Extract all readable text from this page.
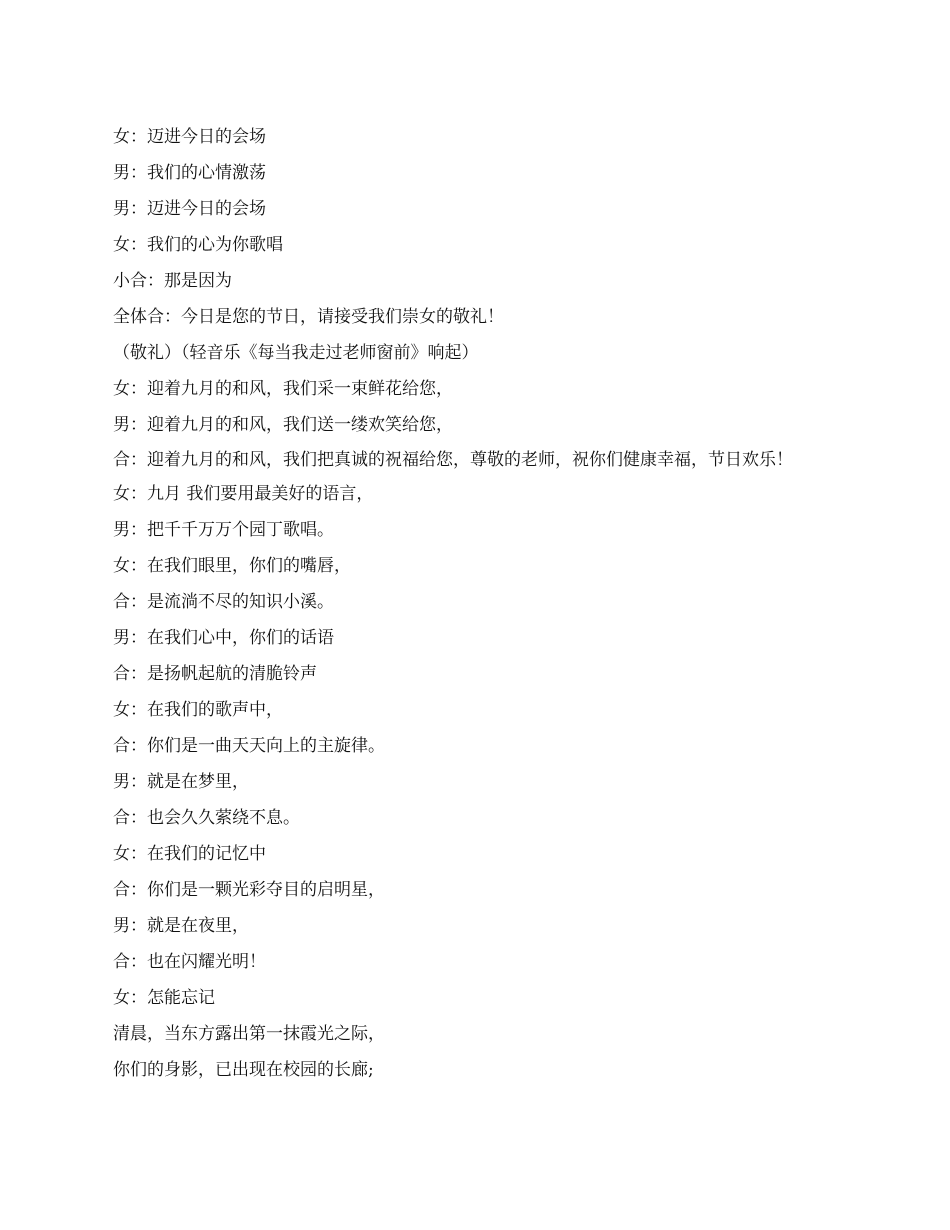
女：迈进今日的会场

男：我们的心情激荡

男：迈进今日的会场

女：我们的心为你歌唱

小合：那是因为

全体合：今日是您的节日，请接受我们崇女的敬礼！

（敬礼）（轻音乐《每当我走过老师窗前》响起）

女：迎着九月的和风，我们采一束鲜花给您，

男：迎着九月的和风，我们送一缕欢笑给您，

合：迎着九月的和风，我们把真诚的祝福给您，尊敬的老师，祝你们健康幸福，节日欢乐！

女：九月 我们要用最美好的语言，

男：把千千万万个园丁歌唱。

女：在我们眼里，你们的嘴唇，

合：是流淌不尽的知识小溪。

男：在我们心中，你们的话语

合：是扬帆起航的清脆铃声

女：在我们的歌声中，

合：你们是一曲天天向上的主旋律。

男：就是在梦里，

合：也会久久萦绕不息。

女：在我们的记忆中

合：你们是一颗光彩夺目的启明星，

男：就是在夜里，

合：也在闪耀光明！

女：怎能忘记

清晨，当东方露出第一抹霞光之际，

你们的身影，已出现在校园的长廊;
